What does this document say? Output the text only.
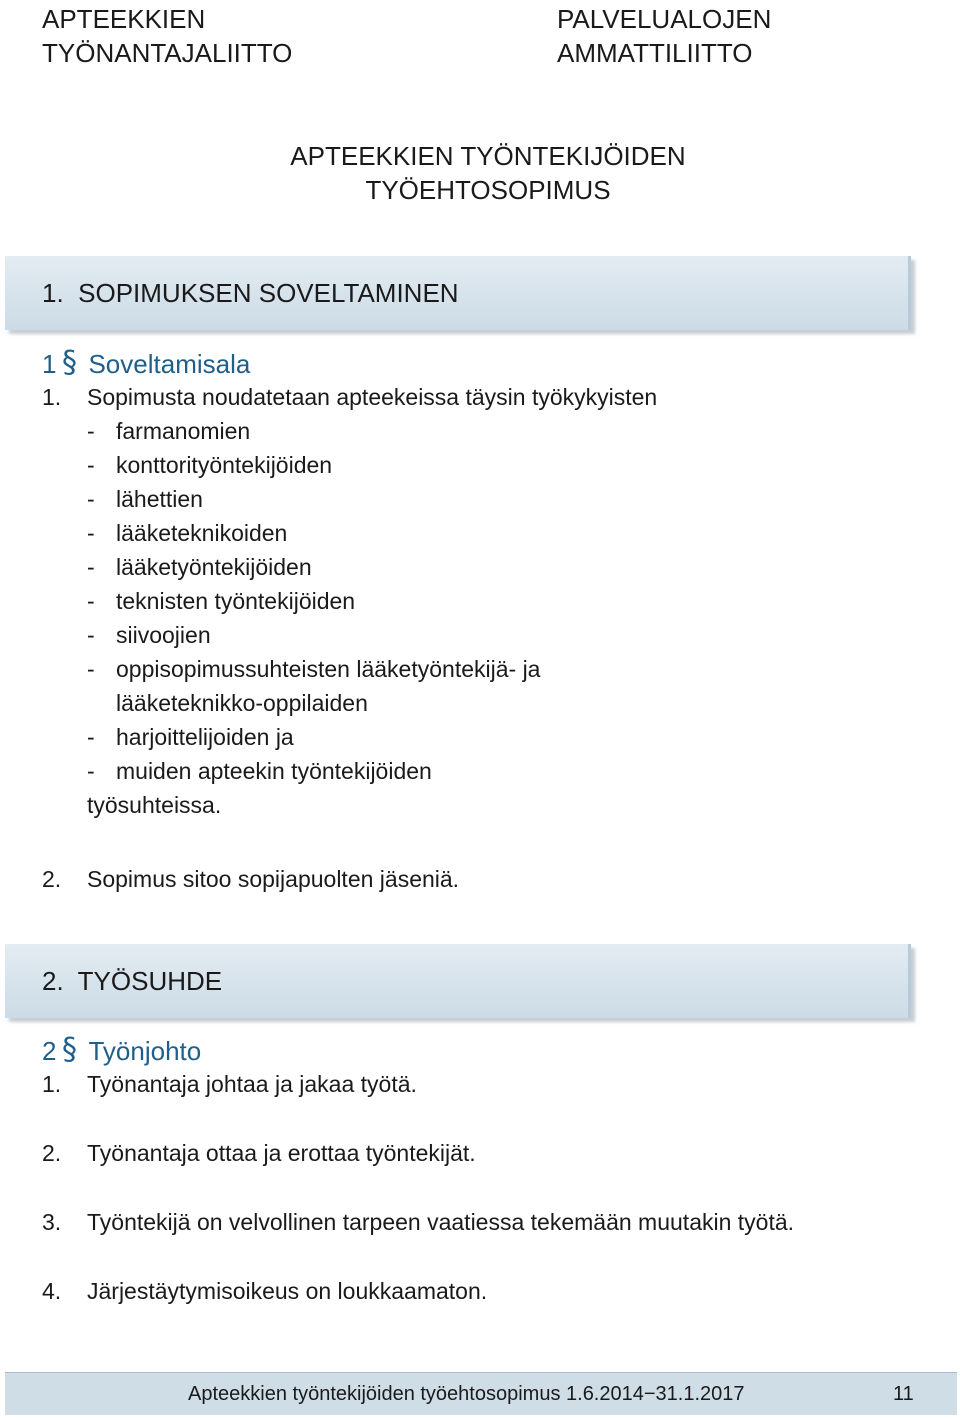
APTEEKKIEN
TYÖNANTAJALIITTO
PALVELUALOJEN
AMMATTILIITTO
APTEEKKIEN TYÖNTEKIJÖIDEN
TYÖEHTOSOPIMUS
1.  SOPIMUKSEN SOVELTAMINEN
1 § Soveltamisala
1. Sopimusta noudatetaan apteekeissa täysin työkykyisten
- farmanomien
- konttorityöntekijöiden
- lähettien
- lääketeknikoiden
- lääketyöntekijöiden
- teknisten työntekijöiden
- siivoojien
- oppisopimussuhteisten lääketyöntekijä- ja
lääketeknikko-oppilaiden
- harjoittelijoiden ja
- muiden apteekin työntekijöiden
työsuhteissa.
2. Sopimus sitoo sopijapuolten jäseniä.
2.  TYÖSUHDE
2 § Työnjohto
1. Työnantaja johtaa ja jakaa työtä.
2. Työnantaja ottaa ja erottaa työntekijät.
3. Työntekijä on velvollinen tarpeen vaatiessa tekemään muutakin työtä.
4. Järjestäytymisoikeus on loukkaamaton.
Apteekkien työntekijöiden työehtosopimus 1.6.2014−31.1.2017	11
